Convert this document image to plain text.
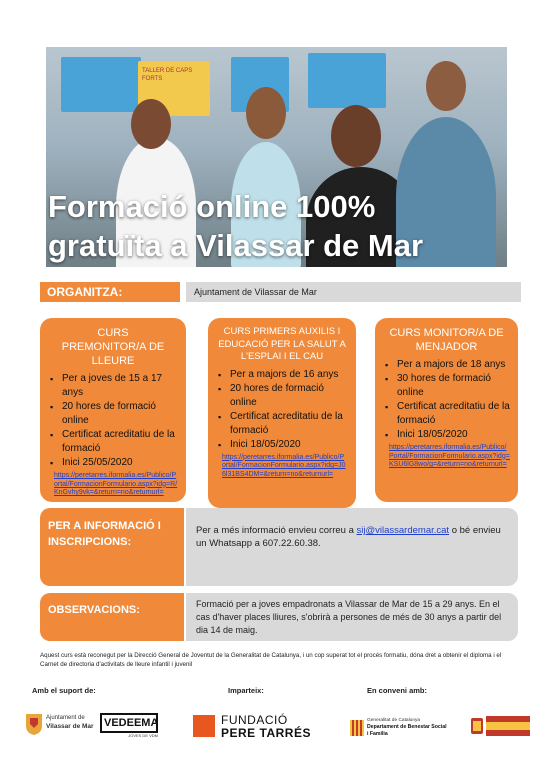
TALLER DE CAPS FORTS
Formació online 100%
gratuïta a Vilassar de Mar
ORGANITZA:	Ajuntament de Vilassar de Mar
CURS PREMONITOR/A DE LLEURE
▪ Per a joves de 15 a 17 anys
▪ 20 hores de formació online
▪ Certificat acreditatiu de la formació
▪ Inici 25/05/2020
https://peretarres.iformalia.es/Publico/Portal/FormacionFormulario.aspx?idg=R/KnGvhy9vk=&return=no&returnurl=
CURS PRIMERS AUXILIS I EDUCACIÓ PER LA SALUT A L'ESPLAI I EL CAU
▪ Per a majors de 16 anys
▪ 20 hores de formació online
▪ Certificat acreditatiu de la formació
▪ Inici 18/05/2020
https://peretarres.iformalia.es/Publico/Portal/FormacionFormulario.aspx?idg=J06l31BS4DM=&return=no&returnurl=
CURS MONITOR/A DE MENJADOR
▪ Per a majors de 18 anys
▪ 30 hores de formació online
▪ Certificat acreditatiu de la formació
▪ Inici 18/05/2020
https://peretarres.iformalia.es/Publico/Portal/FormacionFormulario.aspx?idg=KSU6lG8wo/g=&return=no&returnurl=
PER A INFORMACIÓ I INSCRIPCIONS:
Per a més informació envieu correu a sij@vilassardemar.cat o bé envieu un Whatsapp a 607.22.60.38.
OBSERVACIONS:	Formació per a joves empadronats a Vilassar de Mar de 15 a 29 anys. En el cas d'haver places lliures, s'obrirà a persones de més de 30 anys a partir del dia 14 de maig.
Aquest curs està reconegut per la Direcció General de Joventut de la Generalitat de Catalunya, i un cop superat tot el procés formatiu, dóna dret a obtenir el diploma i el Carnet de directoria d'activitats de lleure infantil i juvenil
Amb el suport de:	Imparteix:	En conveni amb:
Ajuntament de
Vilassar de Mar VEDEEMA
JOVES DE VDM
FUNDACIÓ
PERE TARRÉS
Generalitat de Catalunya
Departament de Benestar Social
i Família
